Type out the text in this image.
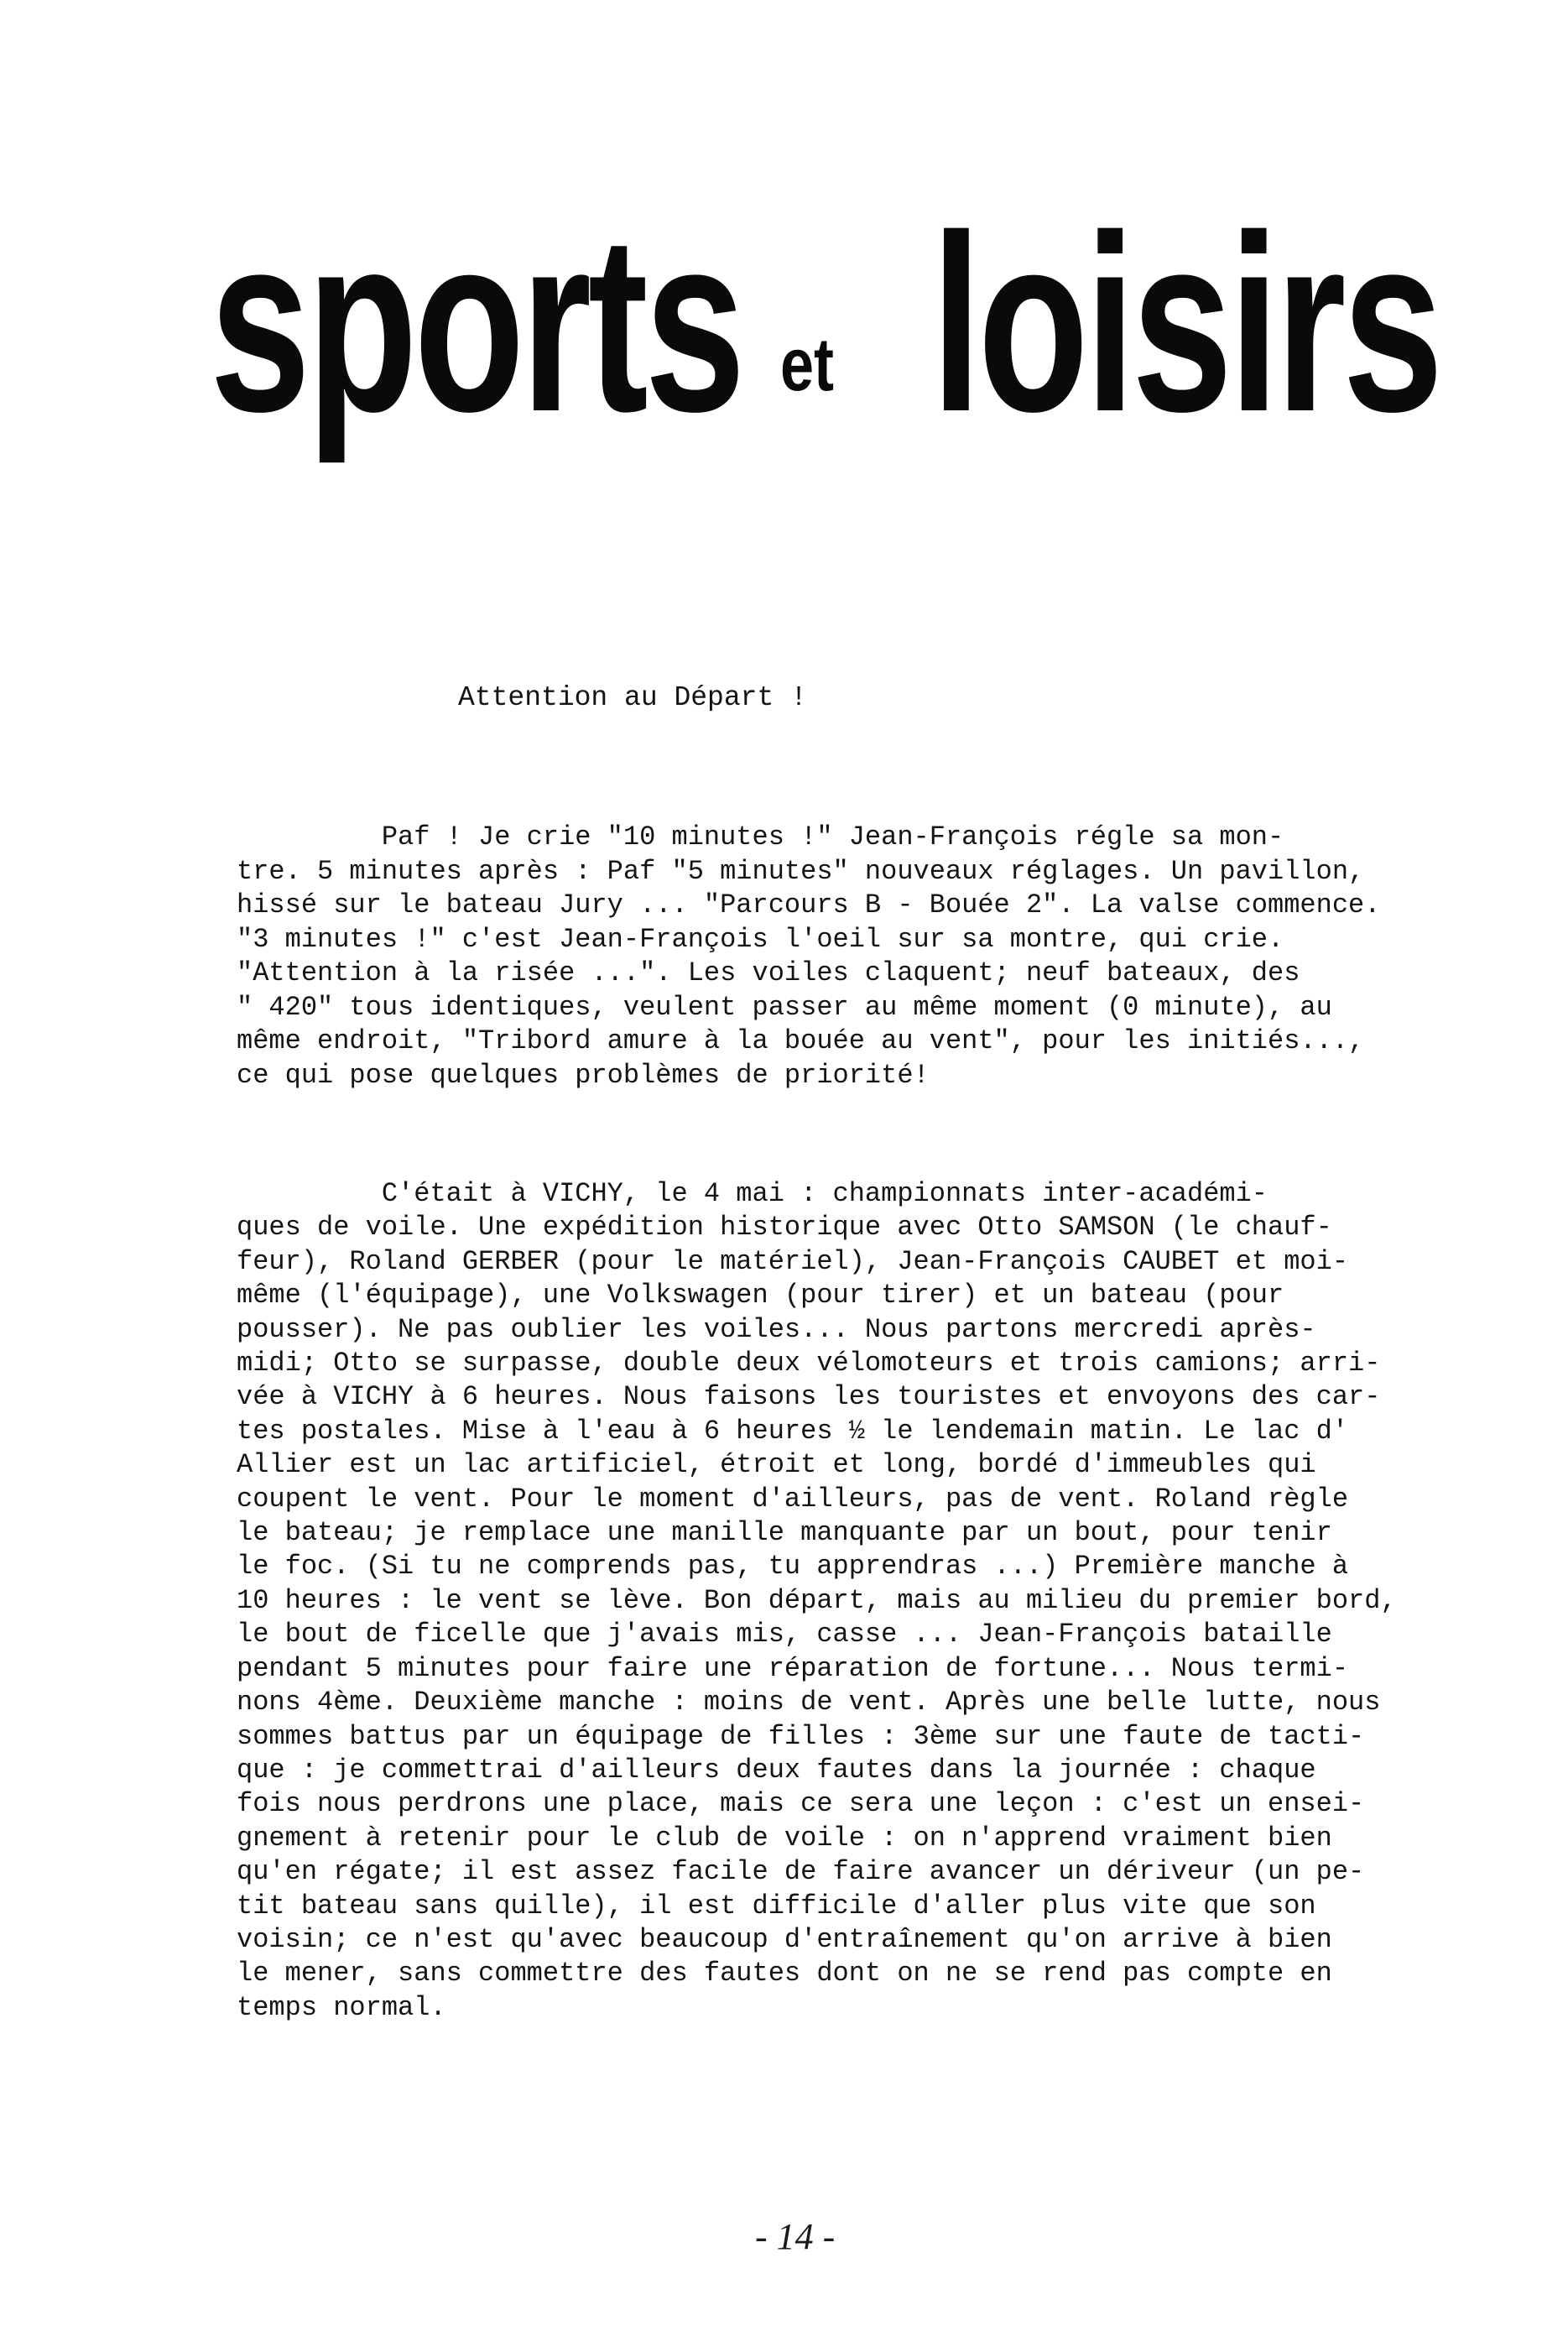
sports et loisirs
Attention au Départ !
Paf ! Je crie "10 minutes !" Jean-François régle sa mon-
tre. 5 minutes après : Paf "5 minutes" nouveaux réglages. Un pavillon,
hissé sur le bateau Jury ... "Parcours B - Bouée 2". La valse commence.
"3 minutes !" c'est Jean-François l'oeil sur sa montre, qui crie.
"Attention à la risée ...". Les voiles claquent; neuf bateaux, des
" 420" tous identiques, veulent passer au même moment (0 minute), au
même endroit, "Tribord amure à la bouée au vent", pour les initiés...,
ce qui pose quelques problèmes de priorité!
C'était à VICHY, le 4 mai : championnats inter-académi-
ques de voile. Une expédition historique avec Otto SAMSON (le chauf-
feur), Roland GERBER (pour le matériel), Jean-François CAUBET et moi-
même (l'équipage), une Volkswagen (pour tirer) et un bateau (pour
pousser). Ne pas oublier les voiles... Nous partons mercredi après-
midi; Otto se surpasse, double deux vélomoteurs et trois camions; arri-
vée à VICHY à 6 heures. Nous faisons les touristes et envoyons des car-
tes postales. Mise à l'eau à 6 heures ½ le lendemain matin. Le lac d'
Allier est un lac artificiel, étroit et long, bordé d'immeubles qui
coupent le vent. Pour le moment d'ailleurs, pas de vent. Roland règle
le bateau; je remplace une manille manquante par un bout, pour tenir
le foc. (Si tu ne comprends pas, tu apprendras ...) Première manche à
10 heures : le vent se lève. Bon départ, mais au milieu du premier bord,
le bout de ficelle que j'avais mis, casse ... Jean-François bataille
pendant 5 minutes pour faire une réparation de fortune... Nous termi-
nons 4ème. Deuxième manche : moins de vent. Après une belle lutte, nous
sommes battus par un équipage de filles : 3ème sur une faute de tacti-
que : je commettrai d'ailleurs deux fautes dans la journée : chaque
fois nous perdrons une place, mais ce sera une leçon : c'est un ensei-
gnement à retenir pour le club de voile : on n'apprend vraiment bien
qu'en régate; il est assez facile de faire avancer un dériveur (un pe-
tit bateau sans quille), il est difficile d'aller plus vite que son
voisin; ce n'est qu'avec beaucoup d'entraînement qu'on arrive à bien
le mener, sans commettre des fautes dont on ne se rend pas compte en
temps normal.
- 14 -
